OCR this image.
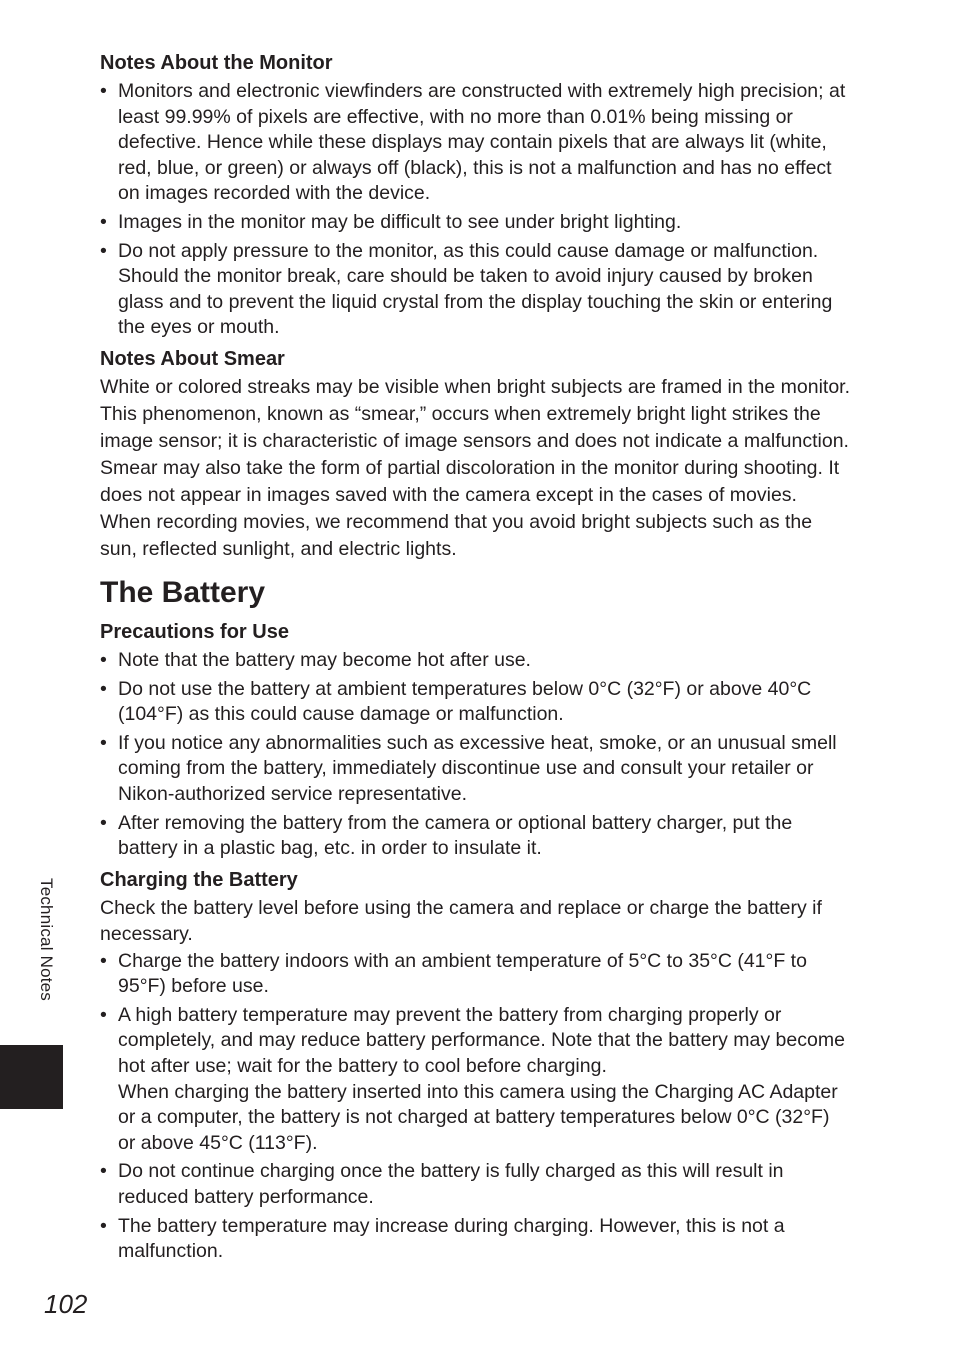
Notes About the Monitor
• Monitors and electronic viewfinders are constructed with extremely high precision; at least 99.99% of pixels are effective, with no more than 0.01% being missing or defective. Hence while these displays may contain pixels that are always lit (white, red, blue, or green) or always off (black), this is not a malfunction and has no effect on images recorded with the device.
• Images in the monitor may be difficult to see under bright lighting.
• Do not apply pressure to the monitor, as this could cause damage or malfunction. Should the monitor break, care should be taken to avoid injury caused by broken glass and to prevent the liquid crystal from the display touching the skin or entering the eyes or mouth.
Notes About Smear

White or colored streaks may be visible when bright subjects are framed in the monitor. This phenomenon, known as “smear,” occurs when extremely bright light strikes the image sensor; it is characteristic of image sensors and does not indicate a malfunction. Smear may also take the form of partial discoloration in the monitor during shooting. It does not appear in images saved with the camera except in the cases of movies. When recording movies, we recommend that you avoid bright subjects such as the sun, reflected sunlight, and electric lights.

The Battery
Precautions for Use
• Note that the battery may become hot after use.
• Do not use the battery at ambient temperatures below 0°C (32°F) or above 40°C (104°F) as this could cause damage or malfunction.
• If you notice any abnormalities such as excessive heat, smoke, or an unusual smell coming from the battery, immediately discontinue use and consult your retailer or Nikon-authorized service representative.
• After removing the battery from the camera or optional battery charger, put the battery in a plastic bag, etc. in order to insulate it.
Charging the Battery

Check the battery level before using the camera and replace or charge the battery if necessary.

• Charge the battery indoors with an ambient temperature of 5°C to 35°C (41°F to 95°F) before use.
• A high battery temperature may prevent the battery from charging properly or completely, and may reduce battery performance. Note that the battery may become hot after use; wait for the battery to cool before charging.
When charging the battery inserted into this camera using the Charging AC Adapter or a computer, the battery is not charged at battery temperatures below 0°C (32°F) or above 45°C (113°F).
• Do not continue charging once the battery is fully charged as this will result in reduced battery performance.
• The battery temperature may increase during charging. However, this is not a malfunction.
Technical Notes
102
